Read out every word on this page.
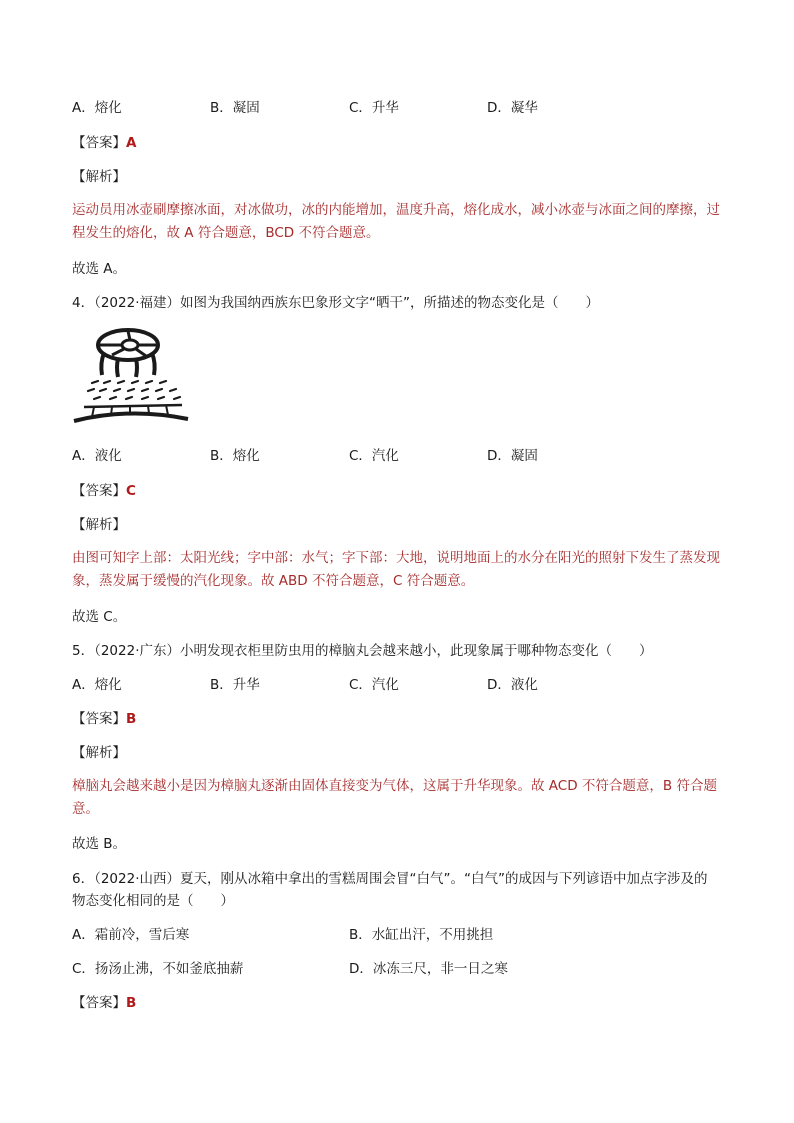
A．熔化	B．凝固	C．升华	D．凝华
【答案】A
【解析】
运动员用冰壶刷摩擦冰面，对冰做功，冰的内能增加，温度升高，熔化成水，减小冰壶与冰面之间的摩擦，过程发生的熔化，故 A 符合题意，BCD 不符合题意。
故选 A。
4．（2022·福建）如图为我国纳西族东巴象形文字“晒干”，所描述的物态变化是（　　）
A．液化	B．熔化	C．汽化	D．凝固
【答案】C
【解析】
由图可知字上部：太阳光线；字中部：水气；字下部：大地，说明地面上的水分在阳光的照射下发生了蒸发现象，蒸发属于缓慢的汽化现象。故 ABD 不符合题意，C 符合题意。
故选 C。
5．（2022·广东）小明发现衣柜里防虫用的樟脑丸会越来越小，此现象属于哪种物态变化（　　）
A．熔化	B．升华	C．汽化	D．液化
【答案】B
【解析】
樟脑丸会越来越小是因为樟脑丸逐渐由固体直接变为气体，这属于升华现象。故 ACD 不符合题意，B 符合题意。
故选 B。
6．（2022·山西）夏天，刚从冰箱中拿出的雪糕周围会冒“白气”。“白气”的成因与下列谚语中加点字涉及的
物态变化相同的是（　　）
A．霜前冷，雪后寒	B．水缸出汗，不用挑担
C．扬汤止沸，不如釜底抽薪	D．冰冻三尺，非一日之寒
【答案】B
